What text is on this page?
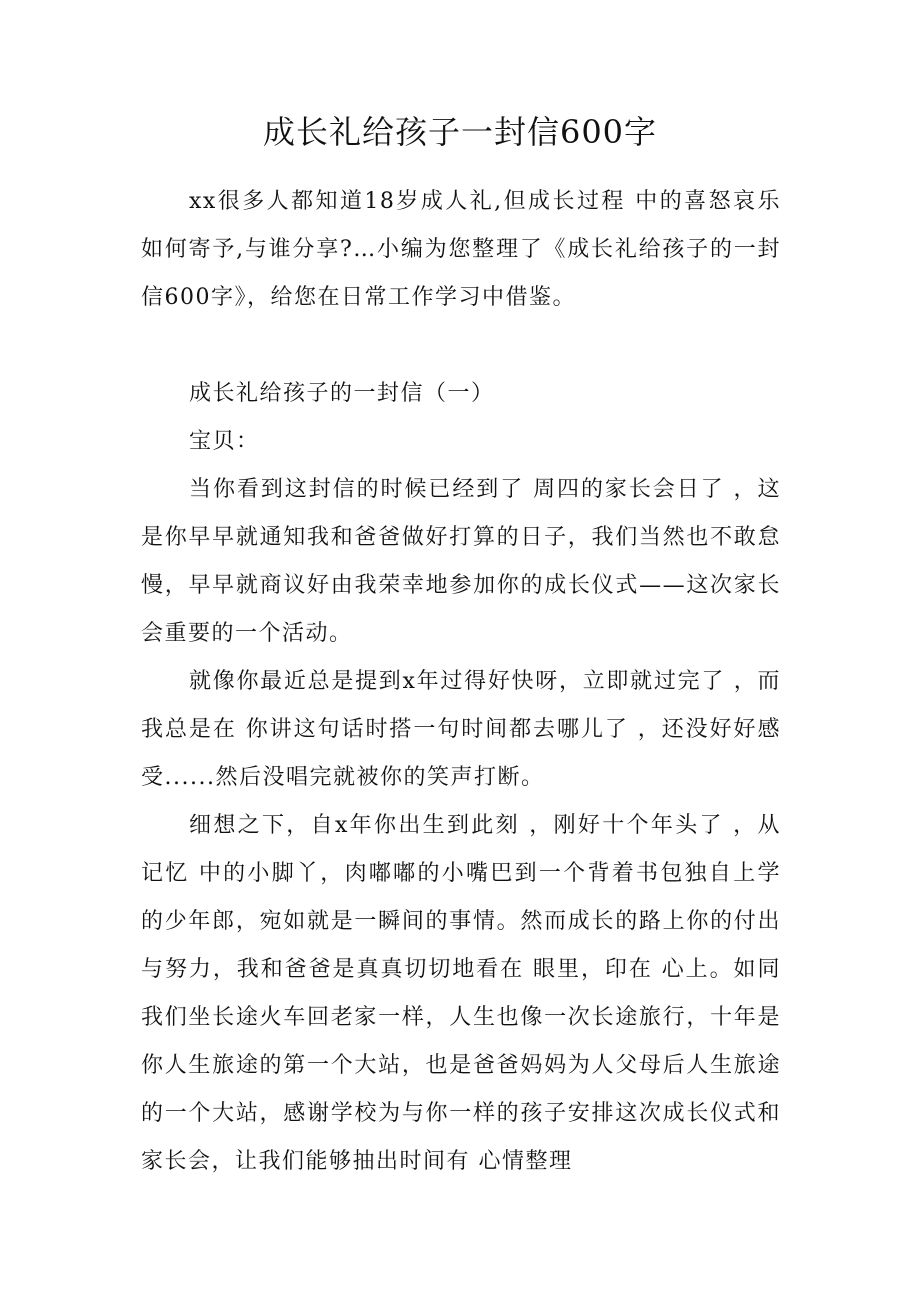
成长礼给孩子一封信600字

xx很多人都知道18岁成人礼,但成长过程 中的喜怒哀乐如何寄予,与谁分享?…小编为您整理了《成长礼给孩子的一封信600字》，给您在日常工作学习中借鉴。

成长礼给孩子的一封信（一）

宝贝：

当你看到这封信的时候已经到了 周四的家长会日了 ，这是你早早就通知我和爸爸做好打算的日子，我们当然也不敢怠慢，早早就商议好由我荣幸地参加你的成长仪式——这次家长会重要的一个活动。

就像你最近总是提到x年过得好快呀，立即就过完了 ，而我总是在 你讲这句话时搭一句时间都去哪儿了 ，还没好好感受......然后没唱完就被你的笑声打断。

细想之下，自x年你出生到此刻 ，刚好十个年头了 ，从记忆 中的小脚丫，肉嘟嘟的小嘴巴到一个背着书包独自上学的少年郎，宛如就是一瞬间的事情。然而成长的路上你的付出与努力，我和爸爸是真真切切地看在 眼里，印在 心上。如同我们坐长途火车回老家一样，人生也像一次长途旅行，十年是你人生旅途的第一个大站，也是爸爸妈妈为人父母后人生旅途的一个大站，感谢学校为与你一样的孩子安排这次成长仪式和家长会，让我们能够抽出时间有 心情整理
